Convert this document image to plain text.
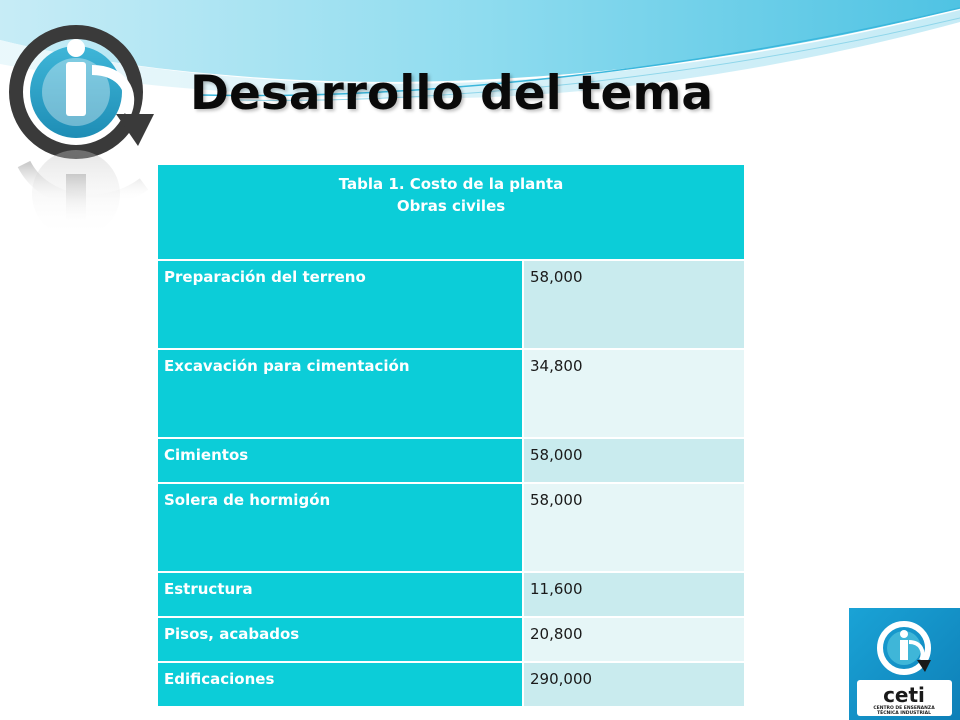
Desarrollo del tema
Tabla 1. Costo de la planta
Obras civiles	

Preparación del terreno	58,000
Excavación para cimentación	34,800
Cimientos	58,000
Solera de hormigón	58,000
Estructura	11,600
Pisos, acabados	20,800
Edificaciones	290,000
ceti
CENTRO DE ENSEÑANZA
TÉCNICA INDUSTRIAL
